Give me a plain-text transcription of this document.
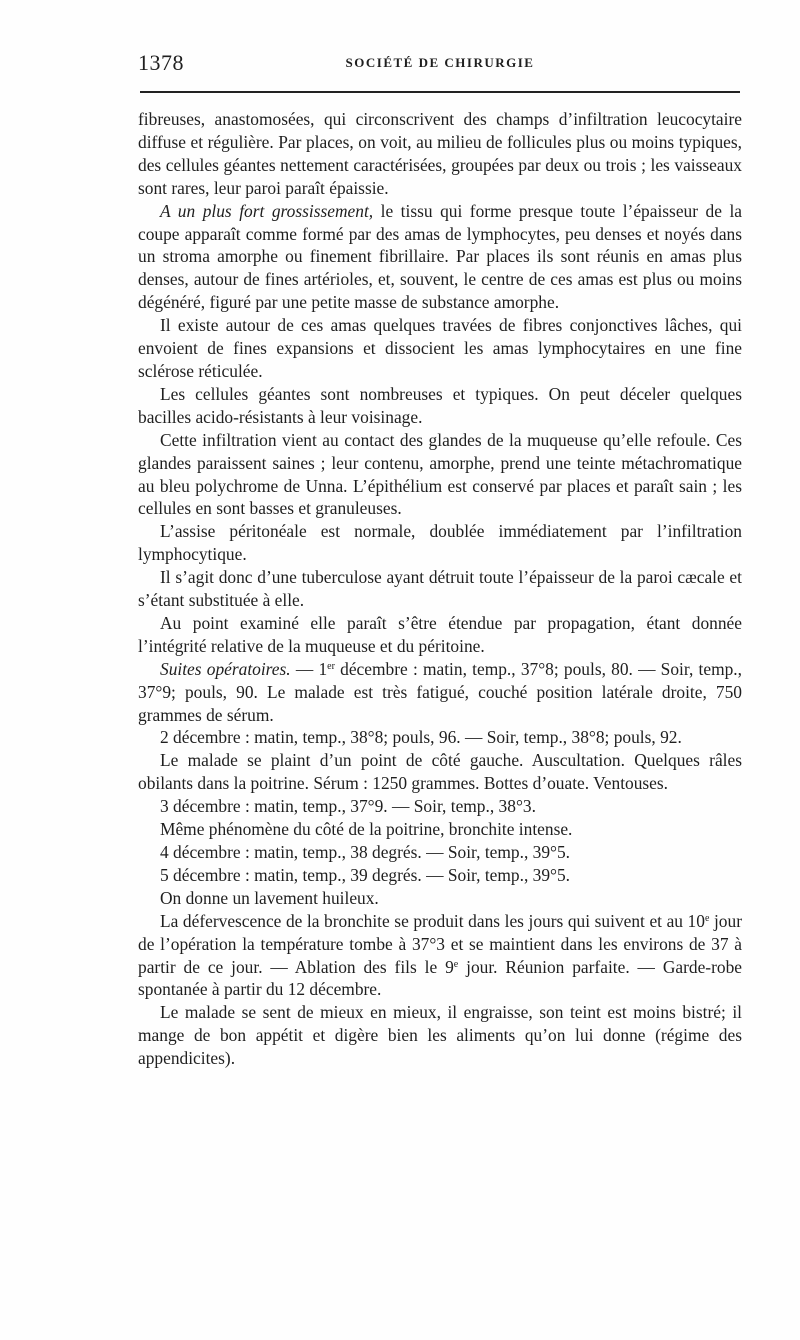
1378	SOCIÉTÉ DE CHIRURGIE

fibreuses, anastomosées, qui circonscrivent des champs d’infiltration leucocytaire diffuse et régulière. Par places, on voit, au milieu de follicules plus ou moins typiques, des cellules géantes nettement caractérisées, groupées par deux ou trois ; les vaisseaux sont rares, leur paroi paraît épaissie.

A un plus fort grossissement, le tissu qui forme presque toute l’épaisseur de la coupe apparaît comme formé par des amas de lymphocytes, peu denses et noyés dans un stroma amorphe ou finement fibrillaire. Par places ils sont réunis en amas plus denses, autour de fines artérioles, et, souvent, le centre de ces amas est plus ou moins dégénéré, figuré par une petite masse de substance amorphe.

Il existe autour de ces amas quelques travées de fibres conjonctives lâches, qui envoient de fines expansions et dissocient les amas lymphocytaires en une fine sclérose réticulée.

Les cellules géantes sont nombreuses et typiques. On peut déceler quelques bacilles acido-résistants à leur voisinage.

Cette infiltration vient au contact des glandes de la muqueuse qu’elle refoule. Ces glandes paraissent saines ; leur contenu, amorphe, prend une teinte métachromatique au bleu polychrome de Unna. L’épithélium est conservé par places et paraît sain ; les cellules en sont basses et granuleuses.

L’assise péritonéale est normale, doublée immédiatement par l’infiltration lymphocytique.

Il s’agit donc d’une tuberculose ayant détruit toute l’épaisseur de la paroi cæcale et s’étant substituée à elle.

Au point examiné elle paraît s’être étendue par propagation, étant donnée l’intégrité relative de la muqueuse et du péritoine.

Suites opératoires. — 1er décembre : matin, temp., 37°8; pouls, 80. — Soir, temp., 37°9; pouls, 90. Le malade est très fatigué, couché position latérale droite, 750 grammes de sérum.

2 décembre : matin, temp., 38°8; pouls, 96. — Soir, temp., 38°8; pouls, 92.

Le malade se plaint d’un point de côté gauche. Auscultation. Quelques râles obilants dans la poitrine. Sérum : 1250 grammes. Bottes d’ouate. Ventouses.

3 décembre : matin, temp., 37°9. — Soir, temp., 38°3.

Même phénomène du côté de la poitrine, bronchite intense.

4 décembre : matin, temp., 38 degrés. — Soir, temp., 39°5.

5 décembre : matin, temp., 39 degrés. — Soir, temp., 39°5.

On donne un lavement huileux.

La défervescence de la bronchite se produit dans les jours qui suivent et au 10e jour de l’opération la température tombe à 37°3 et se maintient dans les environs de 37 à partir de ce jour. — Ablation des fils le 9e jour. Réunion parfaite. — Garde-robe spontanée à partir du 12 décembre.

Le malade se sent de mieux en mieux, il engraisse, son teint est moins bistré; il mange de bon appétit et digère bien les aliments qu’on lui donne (régime des appendicites).
